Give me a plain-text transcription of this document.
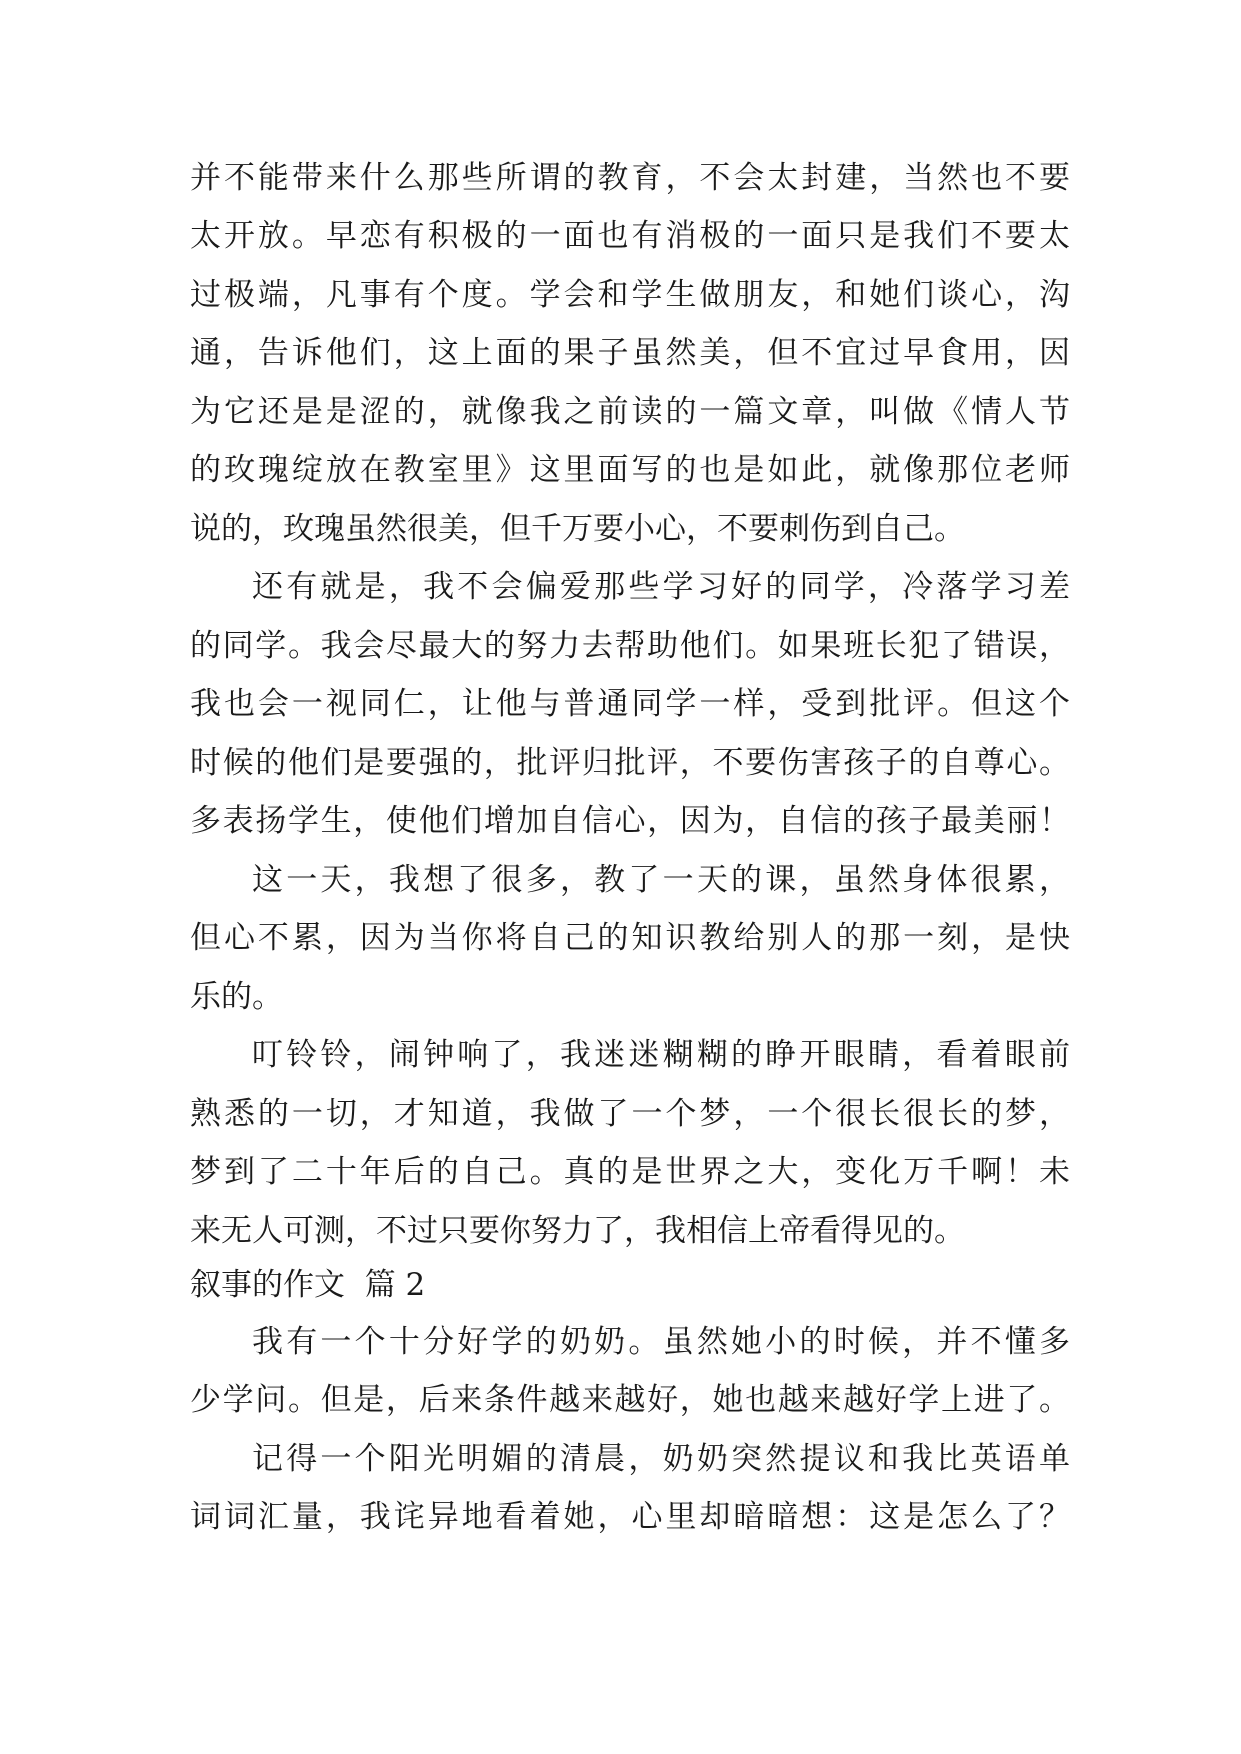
并不能带来什么那些所谓的教育，不会太封建，当然也不要
太开放。早恋有积极的一面也有消极的一面只是我们不要太
过极端，凡事有个度。学会和学生做朋友，和她们谈心，沟
通，告诉他们，这上面的果子虽然美，但不宜过早食用，因
为它还是是涩的，就像我之前读的一篇文章，叫做《情人节
的玫瑰绽放在教室里》这里面写的也是如此，就像那位老师
说的，玫瑰虽然很美，但千万要小心，不要刺伤到自己。
还有就是，我不会偏爱那些学习好的同学，冷落学习差
的同学。我会尽最大的努力去帮助他们。如果班长犯了错误，
我也会一视同仁，让他与普通同学一样，受到批评。但这个
时候的他们是要强的，批评归批评，不要伤害孩子的自尊心。
多表扬学生，使他们增加自信心，因为，自信的孩子最美丽！
这一天，我想了很多，教了一天的课，虽然身体很累，
但心不累，因为当你将自己的知识教给别人的那一刻，是快
乐的。
叮铃铃，闹钟响了，我迷迷糊糊的睁开眼睛，看着眼前
熟悉的一切，才知道，我做了一个梦，一个很长很长的梦，
梦到了二十年后的自己。真的是世界之大，变化万千啊！未
来无人可测，不过只要你努力了，我相信上帝看得见的。
叙事的作文  篇 2
我有一个十分好学的奶奶。虽然她小的时候，并不懂多
少学问。但是，后来条件越来越好，她也越来越好学上进了。
记得一个阳光明媚的清晨，奶奶突然提议和我比英语单
词词汇量，我诧异地看着她，心里却暗暗想：这是怎么了？
